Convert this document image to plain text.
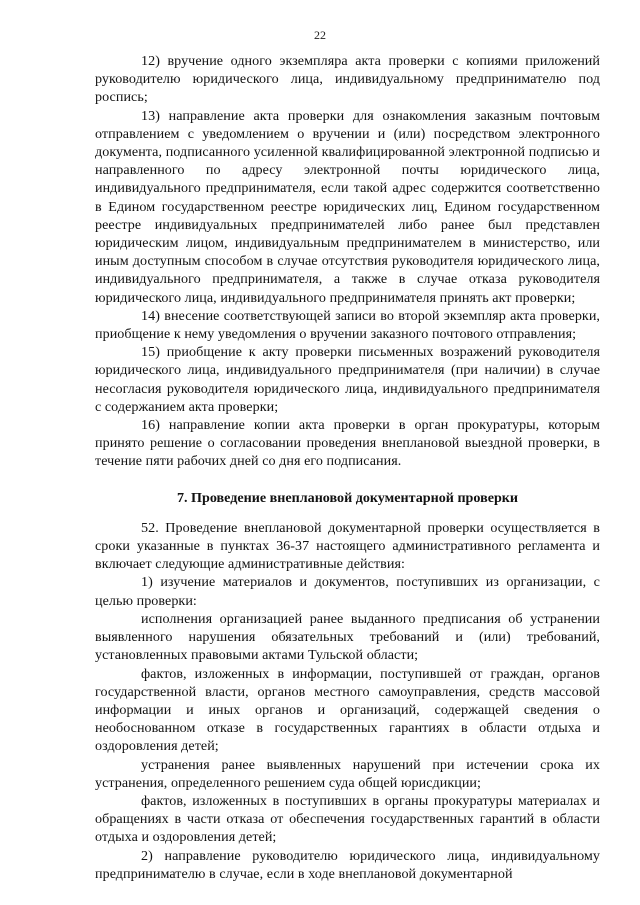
22

12) вручение одного экземпляра акта проверки с копиями приложений руководителю юридического лица, индивидуальному предпринимателю под роспись;

13) направление акта проверки для ознакомления заказным почтовым отправлением с уведомлением о вручении и (или) посредством электронного документа, подписанного усиленной квалифицированной электронной подписью и направленного по адресу электронной почты юридического лица, индивидуального предпринимателя, если такой адрес содержится соответственно в Едином государственном реестре юридических лиц, Едином государственном реестре индивидуальных предпринимателей либо ранее был представлен юридическим лицом, индивидуальным предпринимателем в министерство, или иным доступным способом в случае отсутствия руководителя юридического лица, индивидуального предпринимателя, а также в случае отказа руководителя юридического лица, индивидуального предпринимателя принять акт проверки;

14) внесение соответствующей записи во второй экземпляр акта проверки, приобщение к нему уведомления о вручении заказного почтового отправления;

15) приобщение к акту проверки письменных возражений руководителя юридического лица, индивидуального предпринимателя (при наличии) в случае несогласия руководителя юридического лица, индивидуального предпринимателя с содержанием акта проверки;

16) направление копии акта проверки в орган прокуратуры, которым принято решение о согласовании проведения внеплановой выездной проверки, в течение пяти рабочих дней со дня его подписания.

7. Проведение внеплановой документарной проверки

52. Проведение внеплановой документарной проверки осуществляется в сроки указанные в пунктах 36-37 настоящего административного регламента и включает следующие административные действия:

1) изучение материалов и документов, поступивших из организации, с целью проверки:

исполнения организацией ранее выданного предписания об устранении выявленного нарушения обязательных требований и (или) требований, установленных правовыми актами Тульской области;

фактов, изложенных в информации, поступившей от граждан, органов государственной власти, органов местного самоуправления, средств массовой информации и иных органов и организаций, содержащей сведения о необоснованном отказе в государственных гарантиях в области отдыха и оздоровления детей;

устранения ранее выявленных нарушений при истечении срока их устранения, определенного решением суда общей юрисдикции;

фактов, изложенных в поступивших в органы прокуратуры материалах и обращениях в части отказа от обеспечения государственных гарантий в области отдыха и оздоровления детей;

2) направление руководителю юридического лица, индивидуальному предпринимателю в случае, если в ходе внеплановой документарной
